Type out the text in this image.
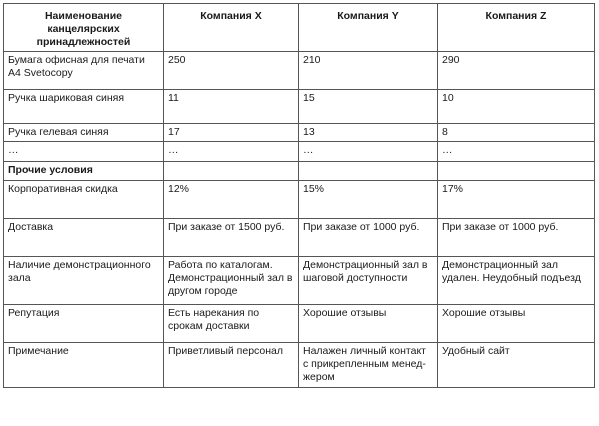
Наименование канцелярских принадлежностей	Компания X	Компания Y	Компания Z
Бумага офисная для печати А4 Svetocopy	250	210	290
Ручка шариковая синяя	11	15	10
Ручка гелевая синяя	17	13	8
…	…	…	…
Прочие условия			
Корпоративная скидка	12%	15%	17%
Доставка	При заказе от 1500 руб.	При заказе от 1000 руб.	При заказе от 1000 руб.
Наличие демонстрационного зала	Работа по каталогам. Демонстрационный зал в другом городе	Демонстрационный зал в шаговой доступности	Демонстрационный зал удален. Неудобный подъезд
Репутация	Есть нарекания по срокам доставки	Хорошие отзывы	Хорошие отзывы
Примечание	Приветливый персонал	Налажен личный контакт с прикрепленным менед-жером	Удобный сайт
